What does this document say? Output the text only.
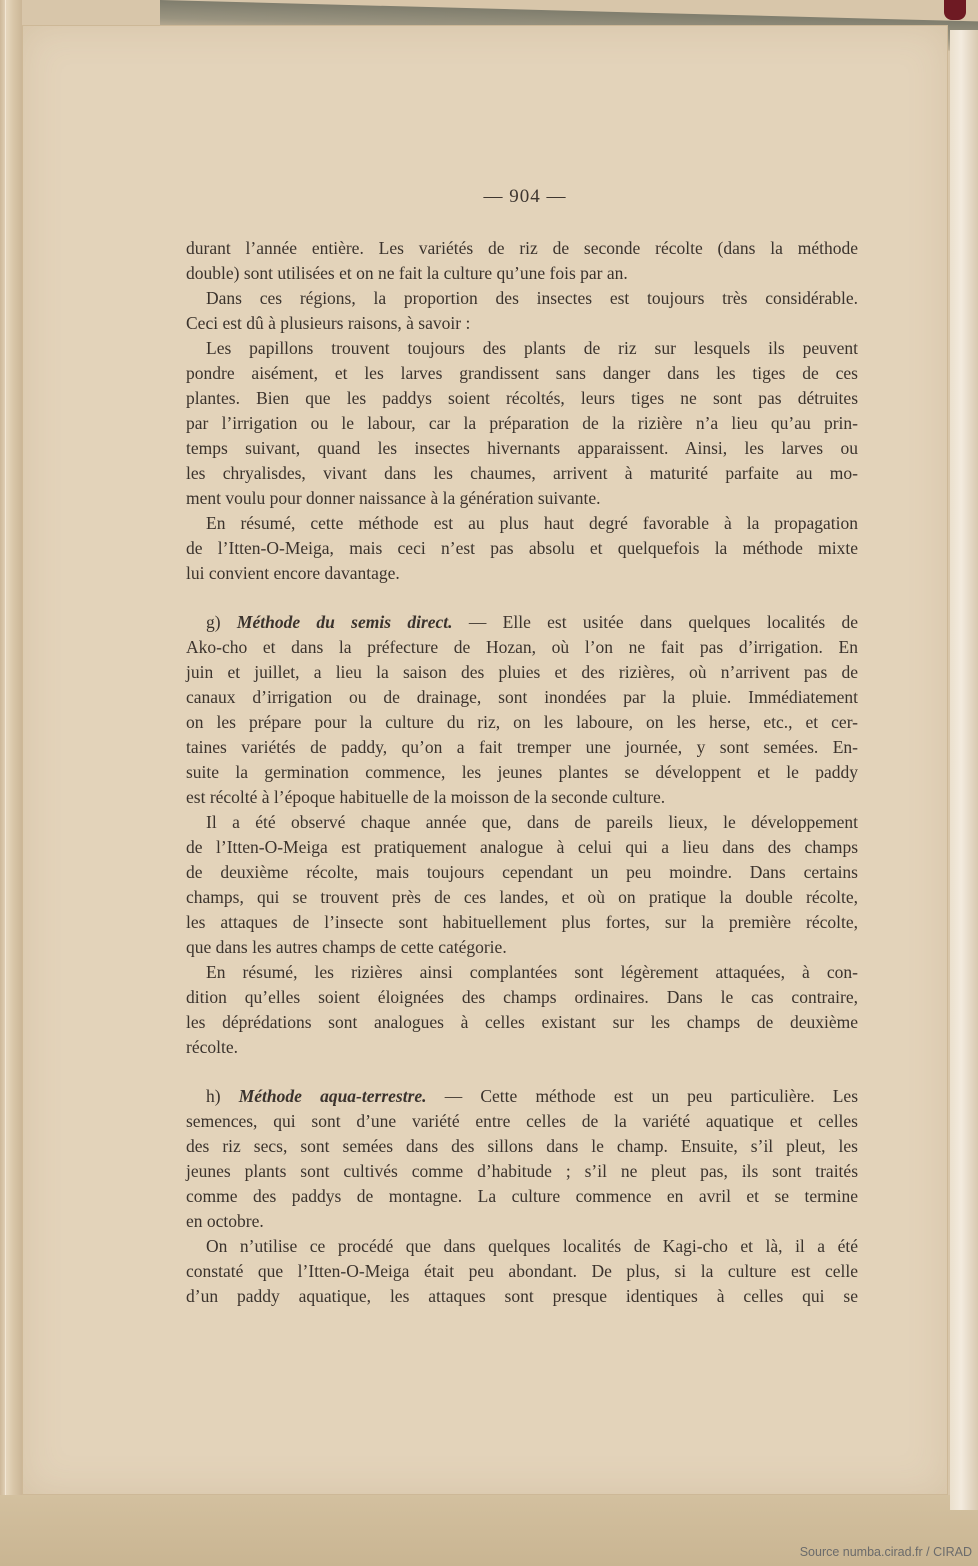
— 904 —
durant l’année entière. Les variétés de riz de seconde récolte (dans la méthode
double) sont utilisées et on ne fait la culture qu’une fois par an.
Dans ces régions, la proportion des insectes est toujours très considérable.
Ceci est dû à plusieurs raisons, à savoir :
Les papillons trouvent toujours des plants de riz sur lesquels ils peuvent
pondre aisément, et les larves grandissent sans danger dans les tiges de ces
plantes. Bien que les paddys soient récoltés, leurs tiges ne sont pas détruites
par l’irrigation ou le labour, car la préparation de la rizière n’a lieu qu’au prin-
temps suivant, quand les insectes hivernants apparaissent. Ainsi, les larves ou
les chryalisdes, vivant dans les chaumes, arrivent à maturité parfaite au mo-
ment voulu pour donner naissance à la génération suivante.
En résumé, cette méthode est au plus haut degré favorable à la propagation
de l’Itten-O-Meiga, mais ceci n’est pas absolu et quelquefois la méthode mixte
lui convient encore davantage.
g) Méthode du semis direct. — Elle est usitée dans quelques localités de
Ako-cho et dans la préfecture de Hozan, où l’on ne fait pas d’irrigation. En
juin et juillet, a lieu la saison des pluies et des rizières, où n’arrivent pas de
canaux d’irrigation ou de drainage, sont inondées par la pluie. Immédiatement
on les prépare pour la culture du riz, on les laboure, on les herse, etc., et cer-
taines variétés de paddy, qu’on a fait tremper une journée, y sont semées. En-
suite la germination commence, les jeunes plantes se développent et le paddy
est récolté à l’époque habituelle de la moisson de la seconde culture.
Il a été observé chaque année que, dans de pareils lieux, le développement
de l’Itten-O-Meiga est pratiquement analogue à celui qui a lieu dans des champs
de deuxième récolte, mais toujours cependant un peu moindre. Dans certains
champs, qui se trouvent près de ces landes, et où on pratique la double récolte,
les attaques de l’insecte sont habituellement plus fortes, sur la première récolte,
que dans les autres champs de cette catégorie.
En résumé, les rizières ainsi complantées sont légèrement attaquées, à con-
dition qu’elles soient éloignées des champs ordinaires. Dans le cas contraire,
les déprédations sont analogues à celles existant sur les champs de deuxième
récolte.
h) Méthode aqua-terrestre. — Cette méthode est un peu particulière. Les
semences, qui sont d’une variété entre celles de la variété aquatique et celles
des riz secs, sont semées dans des sillons dans le champ. Ensuite, s’il pleut, les
jeunes plants sont cultivés comme d’habitude ; s’il ne pleut pas, ils sont traités
comme des paddys de montagne. La culture commence en avril et se termine
en octobre.
On n’utilise ce procédé que dans quelques localités de Kagi-cho et là, il a été
constaté que l’Itten-O-Meiga était peu abondant. De plus, si la culture est celle
d’un paddy aquatique, les attaques sont presque identiques à celles qui se
Source numba.cirad.fr / CIRAD
